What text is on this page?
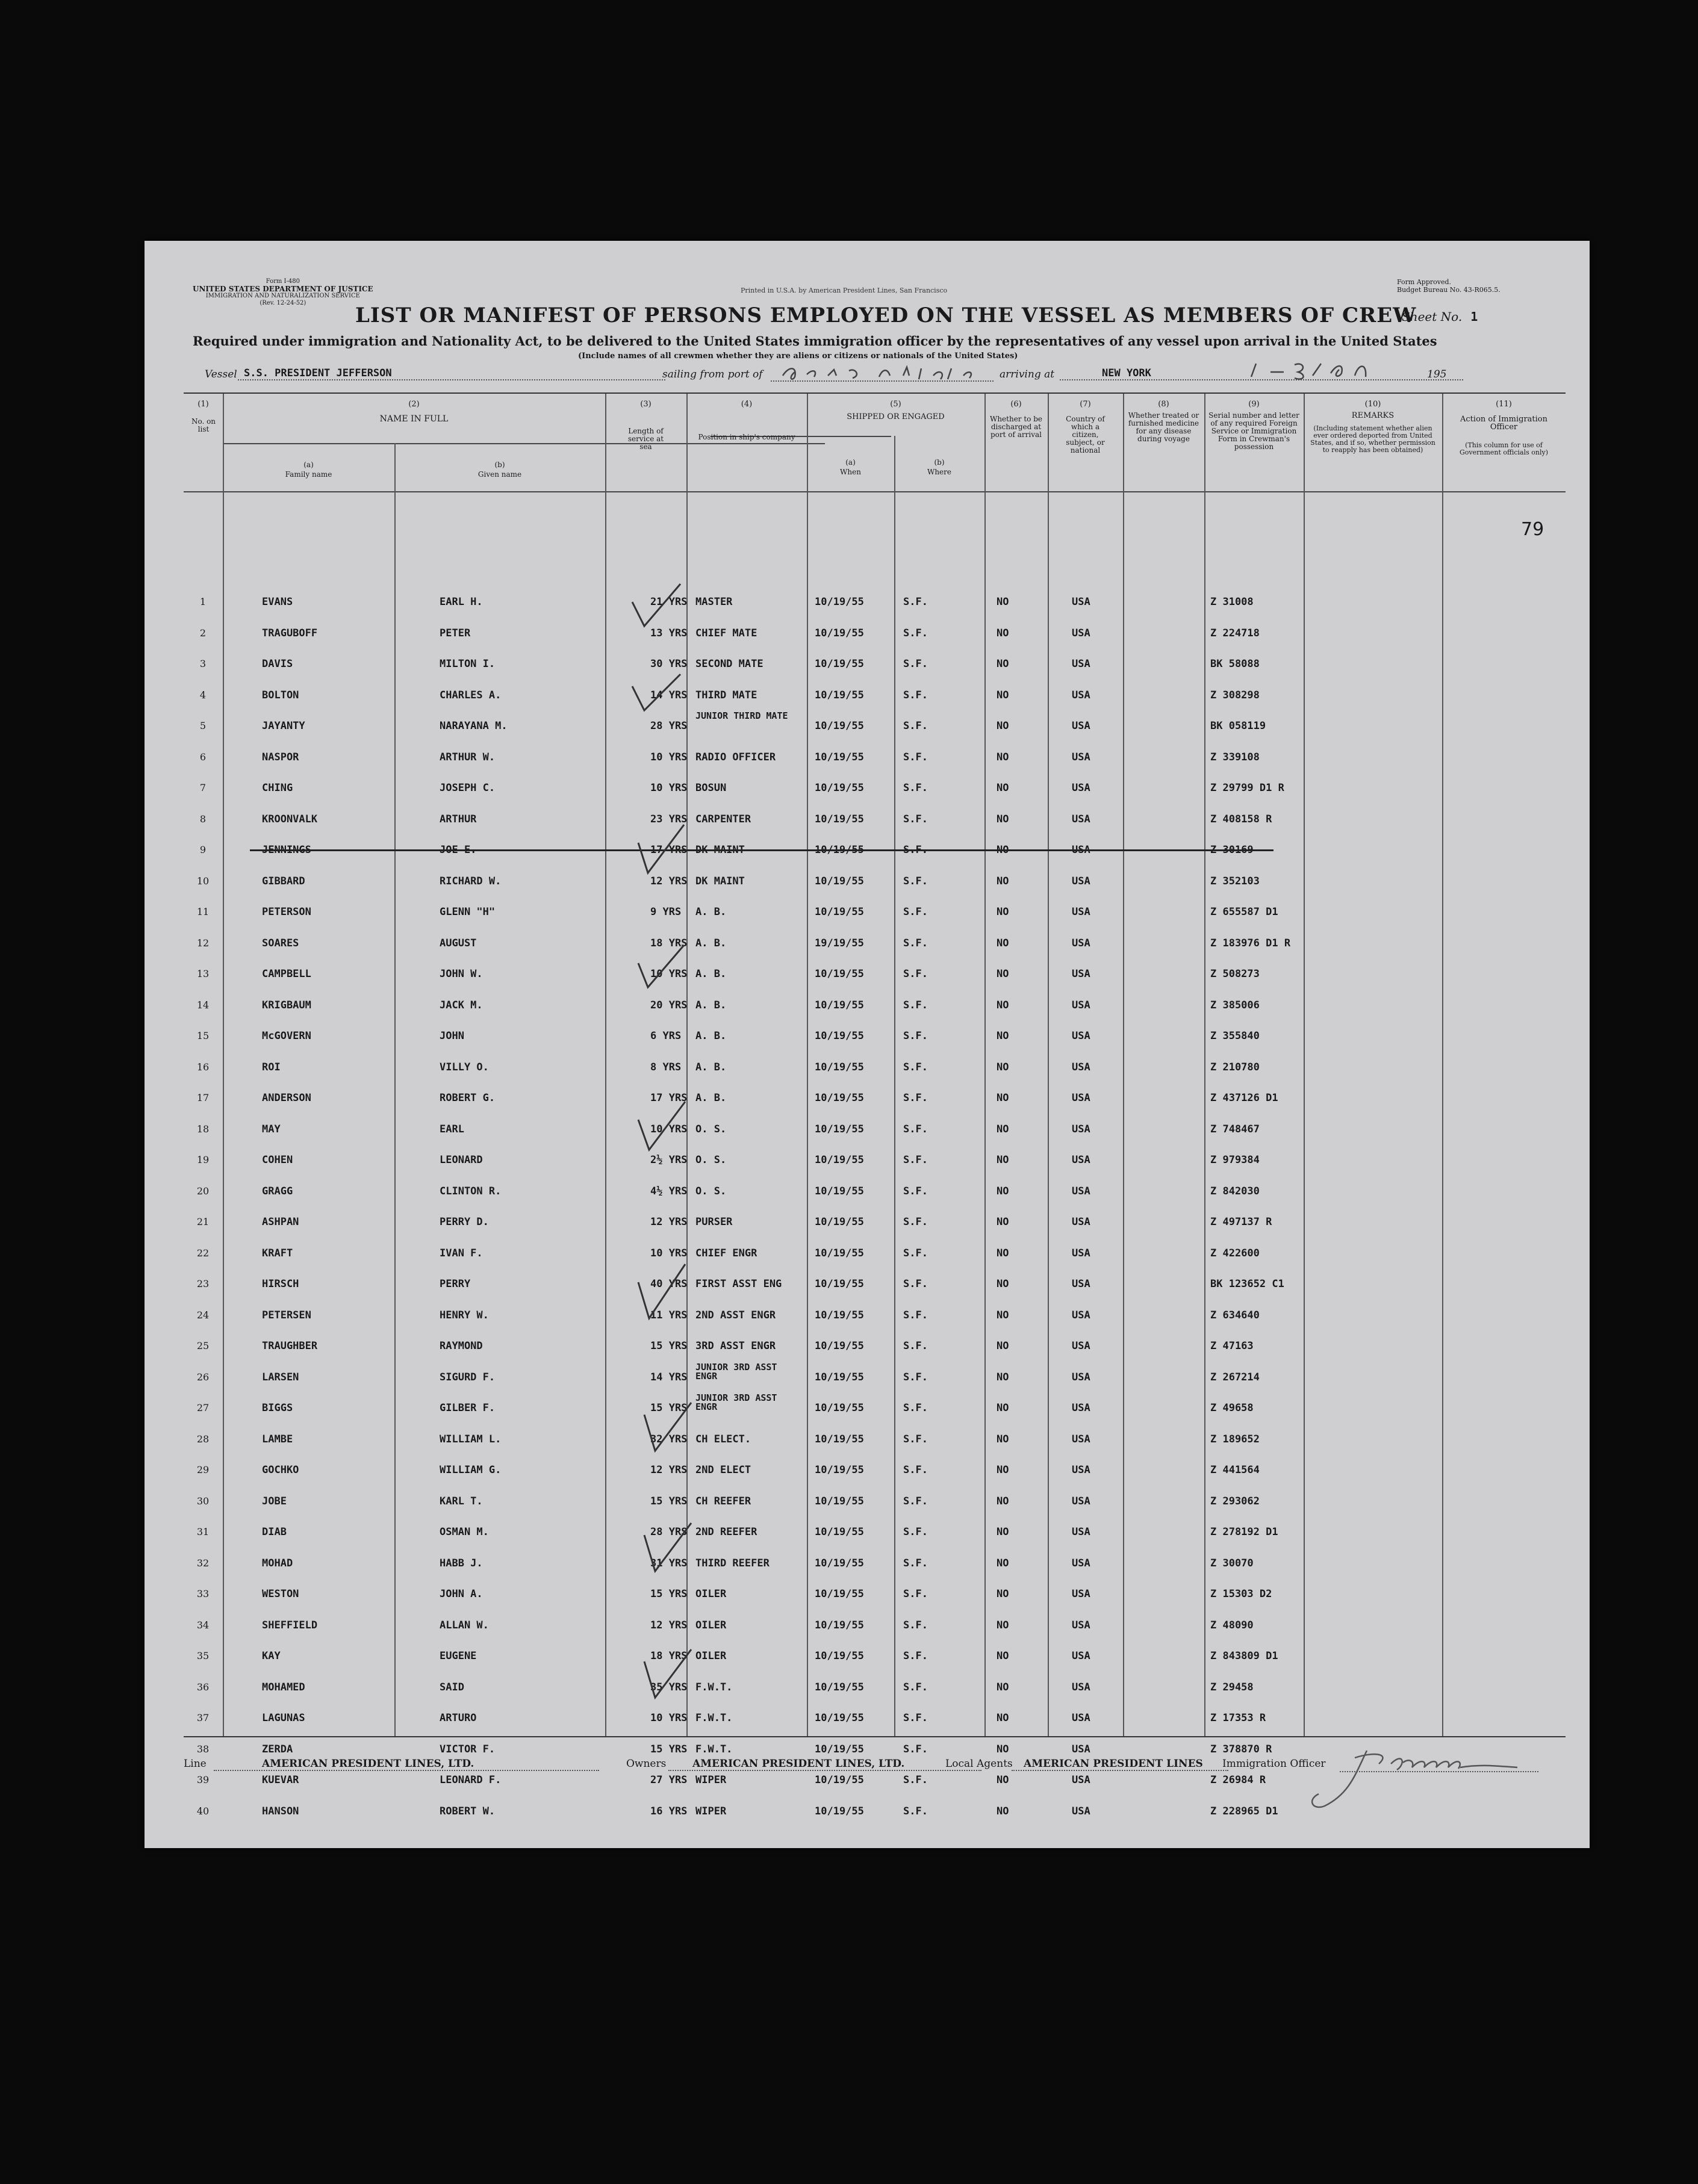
Form I-480
UNITED STATES DEPARTMENT OF JUSTICE
IMMIGRATION AND NATURALIZATION SERVICE
(Rev. 12-24-52)
Printed in U.S.A. by American President Lines, San Francisco
Form Approved.
Budget Bureau No. 43-R065.5.
LIST OR MANIFEST OF PERSONS EMPLOYED ON THE VESSEL AS MEMBERS OF CREW
Sheet No. 1
Required under immigration and Nationality Act, to be delivered to the United States immigration officer by the representatives of any vessel upon arrival in the United States
(Include names of all crewmen whether they are aliens or citizens or nationals of the United States)
Vessel S.S. PRESIDENT JEFFERSON	sailing from port of	arriving at	NEW YORK	195
(1)
No. on list
(2)
NAME IN FULL
(a)
Family name
(b)
Given name
(3)
Length of service at sea
(4)
Position in ship's company
(5)
SHIPPED OR ENGAGED
(a)
When
(b)
Where
(6)
Whether to be discharged at port of arrival
(7)
Country of which a citizen, subject, or national
(8)
Whether treated or furnished medicine for any disease during voyage
(9)
Serial number and letter of any required Foreign Service or Immigration Form in Crewman's possession
(10)
REMARKS
(Including statement whether alien ever ordered deported from United States, and if so, whether permission to reapply has been obtained)
(11)
Action of Immigration Officer
(This column for use of Government officials only)
79
1	EVANS	EARL H.	21 YRS MASTER	10/19/55	S.F.	NO	USA	Z 31008
2	TRAGUBOFF	PETER	13 YRS CHIEF MATE	10/19/55	S.F.	NO	USA	Z 224718
3	DAVIS	MILTON I.	30 YRS SECOND MATE	10/19/55	S.F.	NO	USA	BK 58088
4	BOLTON	CHARLES A.	14 YRS THIRD MATE	10/19/55	S.F.	NO	USA	Z 308298
5	JAYANTY	NARAYANA M.	28 YRS
JUNIOR THIRD MATE
10/19/55	S.F.	NO	USA	BK 058119
6	NASPOR	ARTHUR W.	10 YRS RADIO OFFICER	10/19/55	S.F.	NO	USA	Z 339108
7	CHING	JOSEPH C.	10 YRS BOSUN	10/19/55	S.F.	NO	USA	Z 29799 D1 R
8	KROONVALK	ARTHUR	23 YRS CARPENTER	10/19/55	S.F.	NO	USA	Z 408158 R
9	JENNINGS	JOE E.	17 YRS DK MAINT	10/19/55	S.F.	NO	USA	Z 30169
10	GIBBARD	RICHARD W.	12 YRS DK MAINT	10/19/55	S.F.	NO	USA	Z 352103
11	PETERSON	GLENN "H"	9 YRS A. B.	10/19/55	S.F.	NO	USA	Z 655587 D1
12	SOARES	AUGUST	18 YRS A. B.	19/19/55	S.F.	NO	USA	Z 183976 D1 R
13	CAMPBELL	JOHN W.	10 YRS A. B.	10/19/55	S.F.	NO	USA	Z 508273
14	KRIGBAUM	JACK M.	20 YRS A. B.	10/19/55	S.F.	NO	USA	Z 385006
15	McGOVERN	JOHN	6 YRS A. B.	10/19/55	S.F.	NO	USA	Z 355840
16	ROI	VILLY O.	8 YRS A. B.	10/19/55	S.F.	NO	USA	Z 210780
17	ANDERSON	ROBERT G.	17 YRS A. B.	10/19/55	S.F.	NO	USA	Z 437126 D1
18	MAY	EARL	10 YRS O. S.	10/19/55	S.F.	NO	USA	Z 748467
19	COHEN	LEONARD	2½ YRS O. S.	10/19/55	S.F.	NO	USA	Z 979384
20	GRAGG	CLINTON R.	4½ YRS O. S.	10/19/55	S.F.	NO	USA	Z 842030
21	ASHPAN	PERRY D.	12 YRS PURSER	10/19/55	S.F.	NO	USA	Z 497137 R
22	KRAFT	IVAN F.	10 YRS CHIEF ENGR	10/19/55	S.F.	NO	USA	Z 422600
23	HIRSCH	PERRY	40 YRS FIRST ASST ENG	10/19/55	S.F.	NO	USA	BK 123652 C1
24	PETERSEN	HENRY W.	11 YRS 2ND ASST ENGR	10/19/55	S.F.	NO	USA	Z 634640
25	TRAUGHBER	RAYMOND	15 YRS 3RD ASST ENGR	10/19/55	S.F.	NO	USA	Z 47163
26	LARSEN	SIGURD F.	14 YRS
JUNIOR 3RD ASST ENGR	10/19/55	S.F.	NO	USA	Z 267214
27	BIGGS	GILBER F.	15 YRS
JUNIOR 3RD ASST ENGR	10/19/55	S.F.	NO	USA	Z 49658
28	LAMBE	WILLIAM L.	32 YRS CH ELECT.	10/19/55	S.F.	NO	USA	Z 189652
29	GOCHKO	WILLIAM G.	12 YRS 2ND ELECT	10/19/55	S.F.	NO	USA	Z 441564
30	JOBE	KARL T.	15 YRS CH REEFER	10/19/55	S.F.	NO	USA	Z 293062
31	DIAB	OSMAN M.	28 YRS 2ND REEFER	10/19/55	S.F.	NO	USA	Z 278192 D1
32	MOHAD	HABB J.	31 YRS THIRD REEFER	10/19/55	S.F.	NO	USA	Z 30070
33	WESTON	JOHN A.	15 YRS OILER	10/19/55	S.F.	NO	USA	Z 15303 D2
34	SHEFFIELD	ALLAN W.	12 YRS OILER	10/19/55	S.F.	NO	USA	Z 48090
35	KAY	EUGENE	18 YRS OILER	10/19/55	S.F.	NO	USA	Z 843809 D1
36	MOHAMED	SAID	35 YRS F.W.T.	10/19/55	S.F.	NO	USA	Z 29458
37	LAGUNAS	ARTURO	10 YRS F.W.T.	10/19/55	S.F.	NO	USA	Z 17353 R
38	ZERDA	VICTOR F.	15 YRS F.W.T.	10/19/55	S.F.	NO	USA	Z 378870 R
39	KUEVAR	LEONARD F.	27 YRS WIPER	10/19/55	S.F.	NO	USA	Z 26984 R
40	HANSON	ROBERT W.	16 YRS WIPER	10/19/55	S.F.	NO	USA	Z 228965 D1
Line	AMERICAN PRESIDENT LINES, LTD.	Owners	AMERICAN PRESIDENT LINES, LTD.	Local Agents	AMERICAN PRESIDENT LINES	Immigration Officer
